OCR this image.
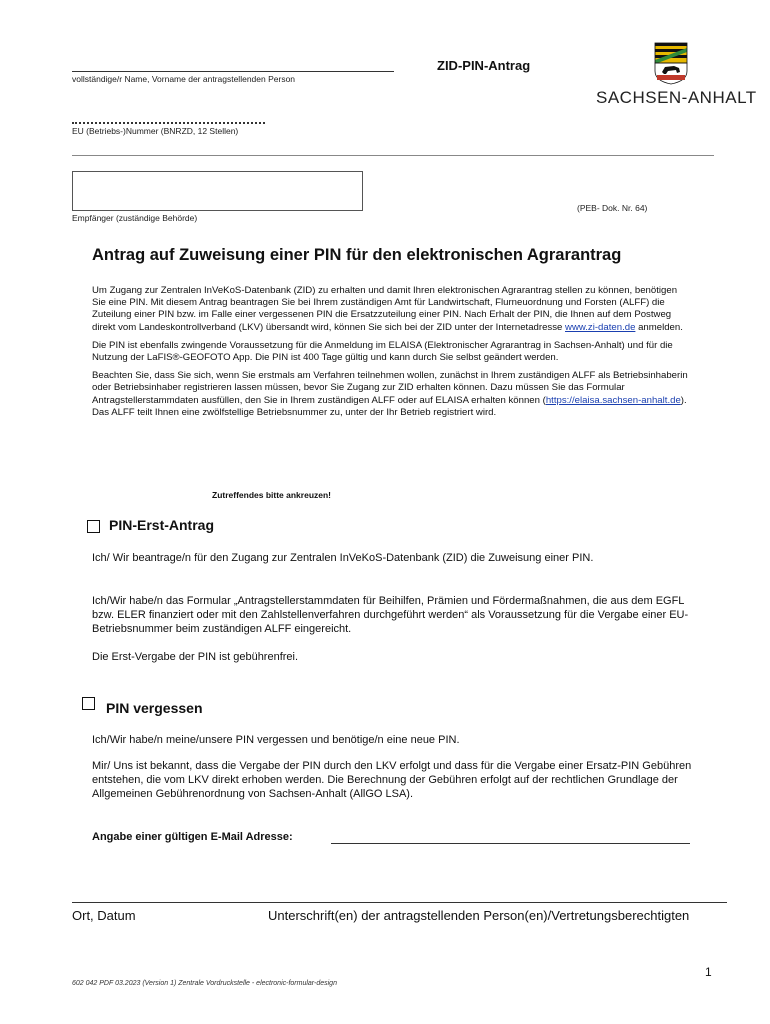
vollständige/r Name, Vorname der antragstellenden Person
ZID-PIN-Antrag
SACHSEN-ANHALT
EU (Betriebs-)Nummer (BNRZD, 12 Stellen)
Empfänger (zuständige Behörde)
(PEB- Dok. Nr. 64)
Antrag auf Zuweisung einer PIN für den elektronischen Agrarantrag

Um Zugang zur Zentralen InVeKoS-Datenbank (ZID) zu erhalten und damit Ihren elektronischen Agrarantrag stellen zu können, benötigen Sie eine PIN. Mit diesem Antrag beantragen Sie bei Ihrem zuständigen Amt für Landwirtschaft, Flurneuordnung und Forsten (ALFF) die Zuteilung einer PIN bzw. im Falle einer vergessenen PIN die Ersatzzuteilung einer PIN. Nach Erhalt der PIN, die Ihnen auf dem Postweg direkt vom Landeskontrollverband (LKV) übersandt wird, können Sie sich bei der ZID unter der Internetadresse www.zi-daten.de anmelden.

Die PIN ist ebenfalls zwingende Voraussetzung für die Anmeldung im ELAISA (Elektronischer Agrarantrag in Sachsen-Anhalt) und für die Nutzung der LaFIS®-GEOFOTO App. Die PIN ist 400 Tage gültig und kann durch Sie selbst geändert werden.

Beachten Sie, dass Sie sich, wenn Sie erstmals am Verfahren teilnehmen wollen, zunächst in Ihrem zuständigen ALFF als Betriebsinhaberin oder Betriebsinhaber registrieren lassen müssen, bevor Sie Zugang zur ZID erhalten können. Dazu müssen Sie das Formular Antragstellerstammdaten ausfüllen, den Sie in Ihrem zuständigen ALFF oder auf ELAISA erhalten können (https://elaisa.sachsen-anhalt.de). Das ALFF teilt Ihnen eine zwölfstellige Betriebsnummer zu, unter der Ihr Betrieb registriert wird.

Zutreffendes bitte ankreuzen!
PIN-Erst-Antrag

Ich/ Wir beantrage/n für den Zugang zur Zentralen InVeKoS-Datenbank (ZID) die Zuweisung einer PIN.

Ich/Wir habe/n das Formular „Antragstellerstammdaten für Beihilfen, Prämien und Fördermaßnahmen, die aus dem EGFL bzw. ELER finanziert oder mit den Zahlstellenverfahren durchgeführt werden“ als Voraussetzung für die Vergabe einer EU- Betriebsnummer beim zuständigen ALFF eingereicht.

Die Erst-Vergabe der PIN ist gebührenfrei.

PIN vergessen

Ich/Wir habe/n meine/unsere PIN vergessen und benötige/n eine neue PIN.

Mir/ Uns ist bekannt, dass die Vergabe der PIN durch den LKV erfolgt und dass für die Vergabe einer Ersatz-PIN Gebühren entstehen, die vom LKV direkt erhoben werden. Die Berechnung der Gebühren erfolgt auf der rechtlichen Grundlage der Allgemeinen Gebührenordnung von Sachsen-Anhalt (AllGO LSA).

Angabe einer gültigen E-Mail Adresse:
Ort, Datum	Unterschrift(en) der antragstellenden Person(en)/Vertretungsberechtigten
1
602 042 PDF 03.2023 (Version 1) Zentrale Vordruckstelle - electronic-formular-design
